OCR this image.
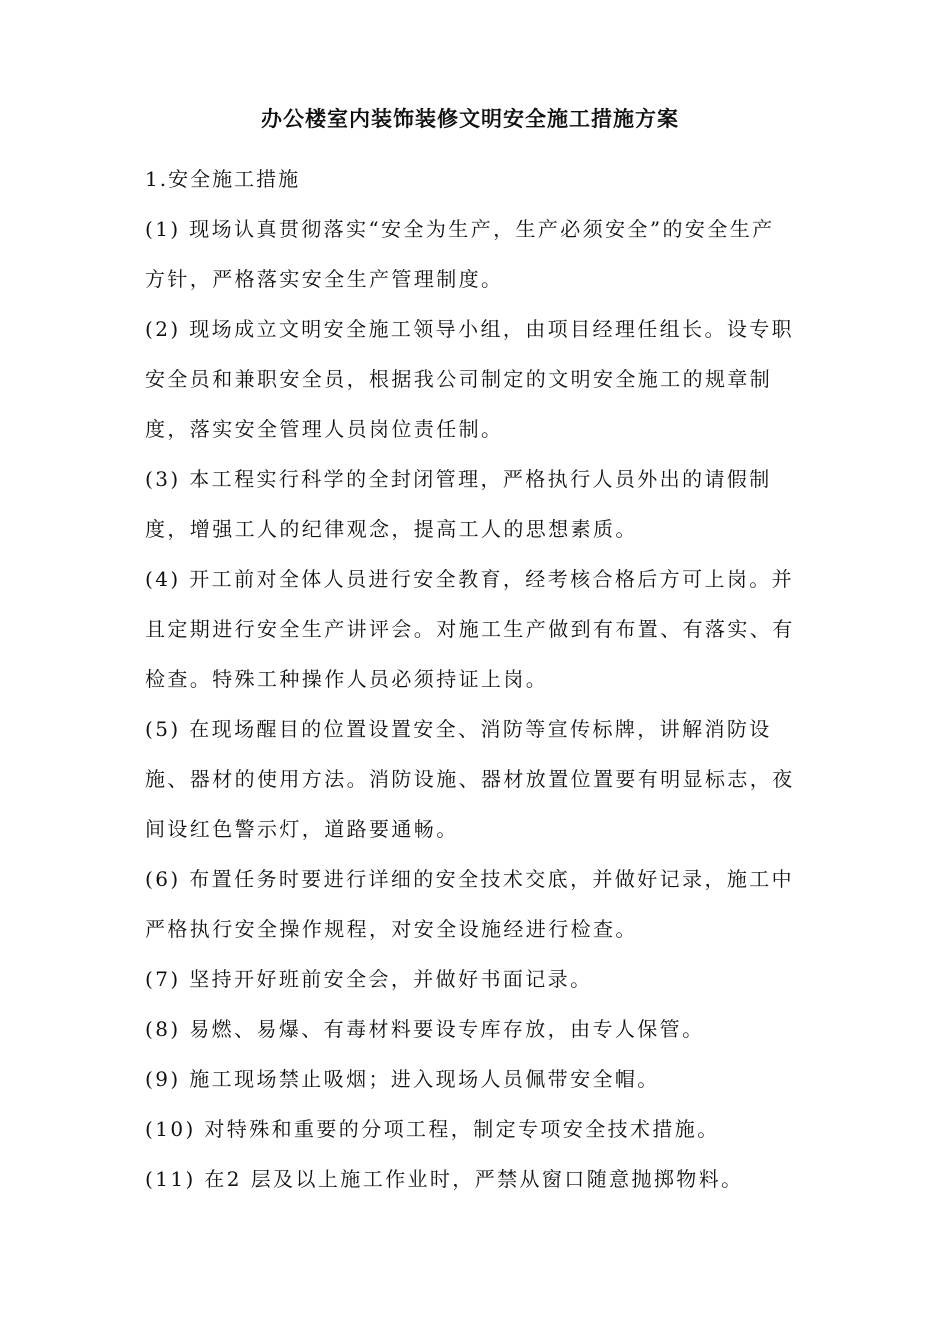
办公楼室内装饰装修文明安全施工措施方案
1.安全施工措施
(1) 现场认真贯彻落实“安全为生产，生产必须安全”的安全生产
方针，严格落实安全生产管理制度。
(2) 现场成立文明安全施工领导小组，由项目经理任组长。设专职
安全员和兼职安全员，根据我公司制定的文明安全施工的规章制
度，落实安全管理人员岗位责任制。
(3) 本工程实行科学的全封闭管理，严格执行人员外出的请假制
度，增强工人的纪律观念，提高工人的思想素质。
(4) 开工前对全体人员进行安全教育，经考核合格后方可上岗。并
且定期进行安全生产讲评会。对施工生产做到有布置、有落实、有
检查。特殊工种操作人员必须持证上岗。
(5) 在现场醒目的位置设置安全、消防等宣传标牌，讲解消防设
施、器材的使用方法。消防设施、器材放置位置要有明显标志，夜
间设红色警示灯，道路要通畅。
(6) 布置任务时要进行详细的安全技术交底，并做好记录，施工中
严格执行安全操作规程，对安全设施经进行检查。
(7) 坚持开好班前安全会，并做好书面记录。
(8) 易燃、易爆、有毒材料要设专库存放，由专人保管。
(9) 施工现场禁止吸烟；进入现场人员佩带安全帽。
(10) 对特殊和重要的分项工程，制定专项安全技术措施。
(11) 在2 层及以上施工作业时，严禁从窗口随意抛掷物料。
